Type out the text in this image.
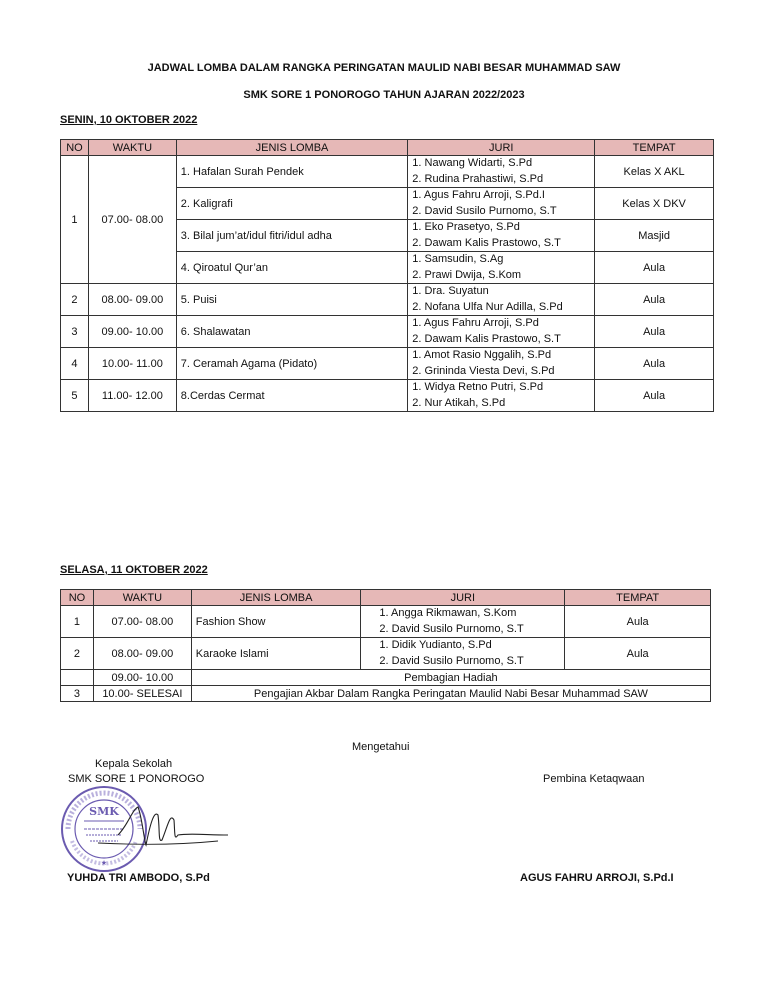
JADWAL LOMBA DALAM RANGKA PERINGATAN MAULID NABI BESAR MUHAMMAD SAW
SMK SORE 1 PONOROGO TAHUN AJARAN 2022/2023
SENIN, 10 OKTOBER 2022
NO	WAKTU	JENIS LOMBA	JURI	TEMPAT
1	07.00- 08.00	1. Hafalan Surah Pendek	1. Nawang Widarti, S.Pd
2. Rudina Prahastiwi, S.Pd	Kelas X AKL
		2. Kaligrafi	1. Agus Fahru Arroji, S.Pd.I
2. David Susilo Purnomo, S.T	Kelas X DKV
		3. Bilal jum’at/idul fitri/idul adha	1. Eko Prasetyo, S.Pd
2. Dawam Kalis Prastowo, S.T	Masjid
		4. Qiroatul Qur’an	1. Samsudin, S.Ag
2. Prawi Dwija, S.Kom	Aula
2	08.00- 09.00	5. Puisi	1. Dra. Suyatun
2. Nofana Ulfa Nur Adilla, S.Pd	Aula
3	09.00- 10.00	6. Shalawatan	1. Agus Fahru Arroji, S.Pd
2. Dawam Kalis Prastowo, S.T	Aula
4	10.00- 11.00	7. Ceramah Agama (Pidato)	1. Amot Rasio Nggalih, S.Pd
2. Grininda Viesta Devi, S.Pd	Aula
5	11.00- 12.00	8.Cerdas Cermat	1. Widya Retno Putri, S.Pd
2. Nur Atikah, S.Pd	Aula
SELASA, 11 OKTOBER 2022
NO	WAKTU	JENIS LOMBA	JURI	TEMPAT
1	07.00- 08.00	Fashion Show	1. Angga Rikmawan, S.Kom
2. David Susilo Purnomo, S.T	Aula
2	08.00- 09.00	Karaoke Islami	1. Didik Yudianto, S.Pd
2. David Susilo Purnomo, S.T	Aula
	09.00- 10.00	Pembagian Hadiah		
3	10.00- SELESAI	Pengajian Akbar Dalam Rangka Peringatan Maulid Nabi Besar Muhammad SAW		
Mengetahui
Kepala Sekolah
SMK SORE 1 PONOROGO	Pembina Ketaqwaan
SMK
★
YUHDA TRI AMBODO, S.Pd	AGUS FAHRU ARROJI, S.Pd.I
